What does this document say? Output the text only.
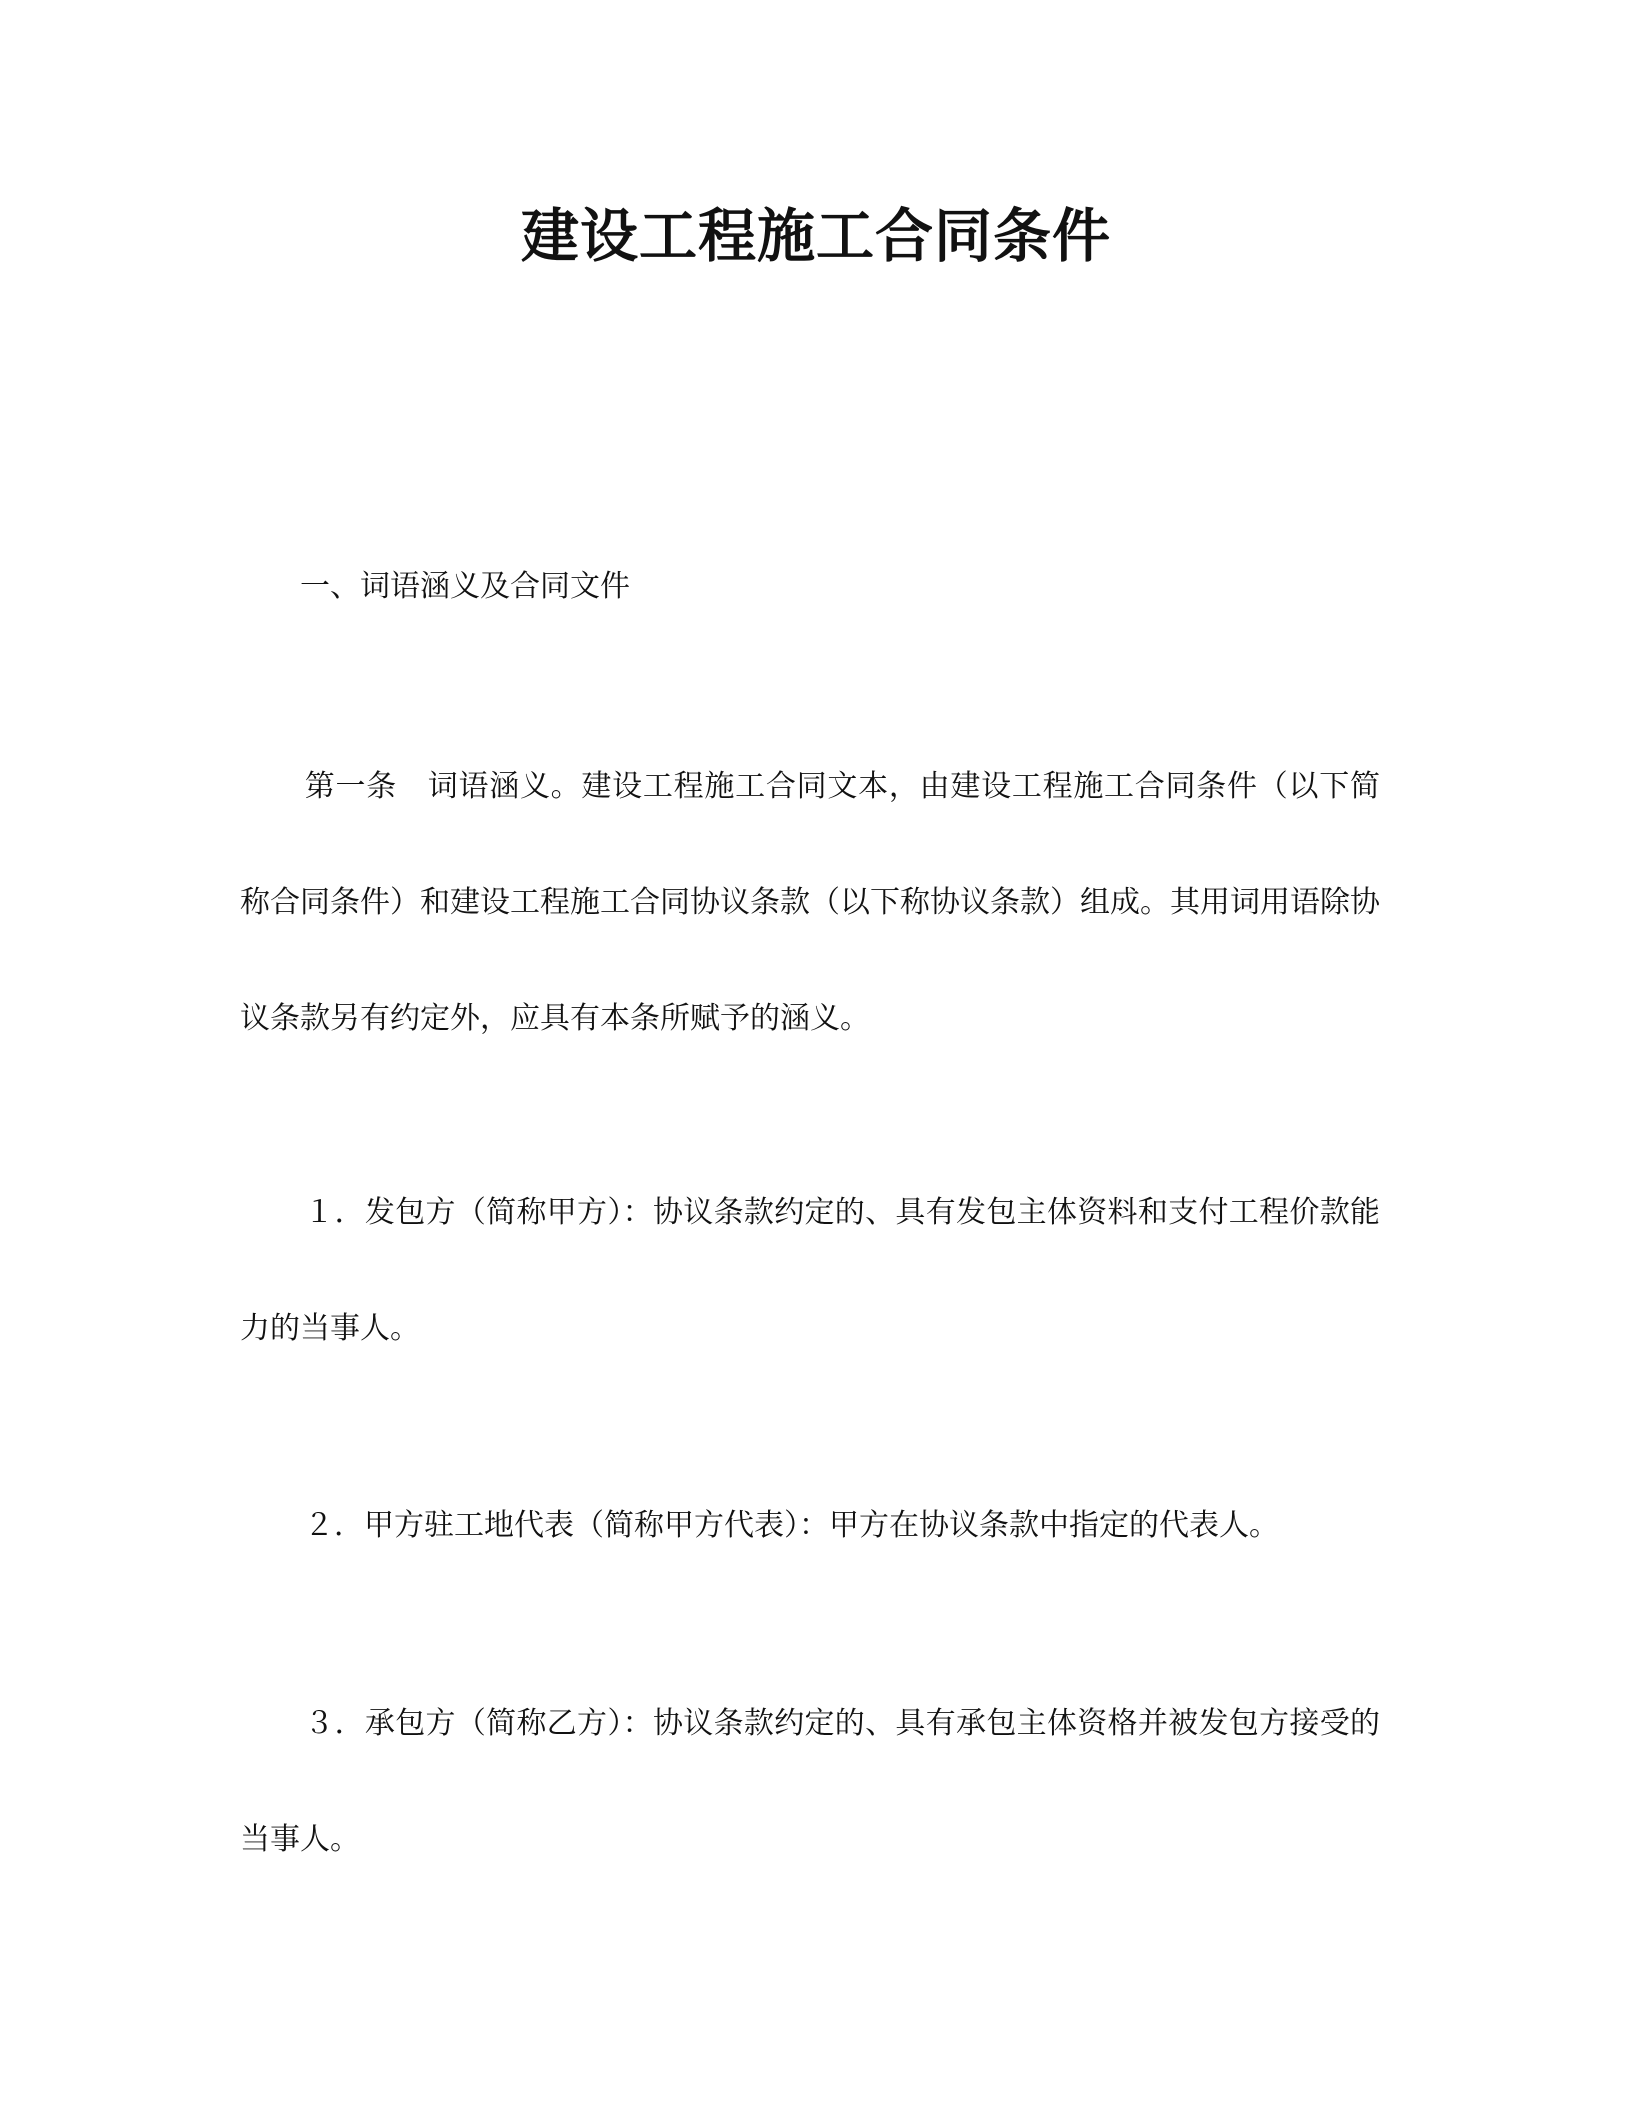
建设工程施工合同条件
一、词语涵义及合同文件

第一条　词语涵义。建设工程施工合同文本，由建设工程施工合同条件（以下简称合同条件）和建设工程施工合同协议条款（以下称协议条款）组成。其用词用语除协议条款另有约定外，应具有本条所赋予的涵义。

１．发包方（简称甲方）：协议条款约定的、具有发包主体资料和支付工程价款能力的当事人。

２．甲方驻工地代表（简称甲方代表）：甲方在协议条款中指定的代表人。

３．承包方（简称乙方）：协议条款约定的、具有承包主体资格并被发包方接受的当事人。
